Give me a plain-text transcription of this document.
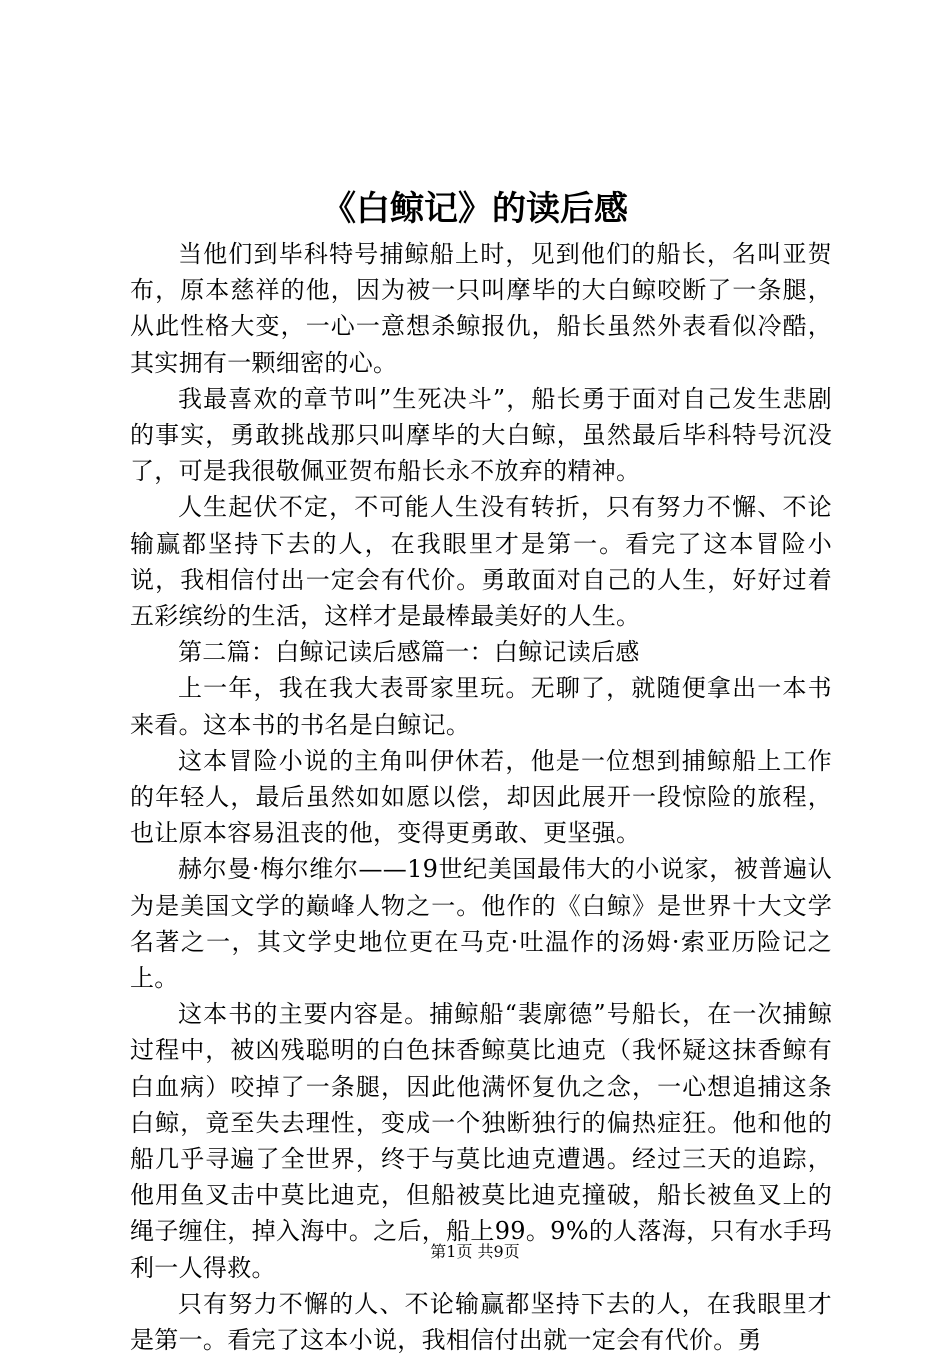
《白鲸记》的读后感

当他们到毕科特号捕鲸船上时，见到他们的船长，名叫亚贺布，原本慈祥的他，因为被一只叫摩毕的大白鲸咬断了一条腿，从此性格大变，一心一意想杀鲸报仇，船长虽然外表看似冷酷，其实拥有一颗细密的心。

我最喜欢的章节叫”生死决斗”，船长勇于面对自己发生悲剧的事实，勇敢挑战那只叫摩毕的大白鲸，虽然最后毕科特号沉没了，可是我很敬佩亚贺布船长永不放弃的精神。

人生起伏不定，不可能人生没有转折，只有努力不懈、不论输赢都坚持下去的人，在我眼里才是第一。看完了这本冒险小说，我相信付出一定会有代价。勇敢面对自己的人生，好好过着五彩缤纷的生活，这样才是最棒最美好的人生。

第二篇：白鲸记读后感篇一：白鲸记读后感

上一年，我在我大表哥家里玩。无聊了，就随便拿出一本书来看。这本书的书名是白鲸记。

这本冒险小说的主角叫伊休若，他是一位想到捕鲸船上工作的年轻人，最后虽然如如愿以偿，却因此展开一段惊险的旅程，也让原本容易沮丧的他，变得更勇敢、更坚强。

赫尔曼·梅尔维尔——19世纪美国最伟大的小说家，被普遍认为是美国文学的巅峰人物之一。他作的《白鲸》是世界十大文学名著之一，其文学史地位更在马克·吐温作的汤姆·索亚历险记之上。

这本书的主要内容是。捕鲸船“裴廓德”号船长，在一次捕鲸过程中，被凶残聪明的白色抹香鲸莫比迪克（我怀疑这抹香鲸有白血病）咬掉了一条腿，因此他满怀复仇之念，一心想追捕这条白鲸，竟至失去理性，变成一个独断独行的偏热症狂。他和他的船几乎寻遍了全世界，终于与莫比迪克遭遇。经过三天的追踪，他用鱼叉击中莫比迪克，但船被莫比迪克撞破，船长被鱼叉上的绳子缠住，掉入海中。之后，船上99。9%的人落海，只有水手玛利一人得救。

只有努力不懈的人、不论输赢都坚持下去的人，在我眼里才是第一。看完了这本小说，我相信付出就一定会有代价。勇

第1页 共9页
